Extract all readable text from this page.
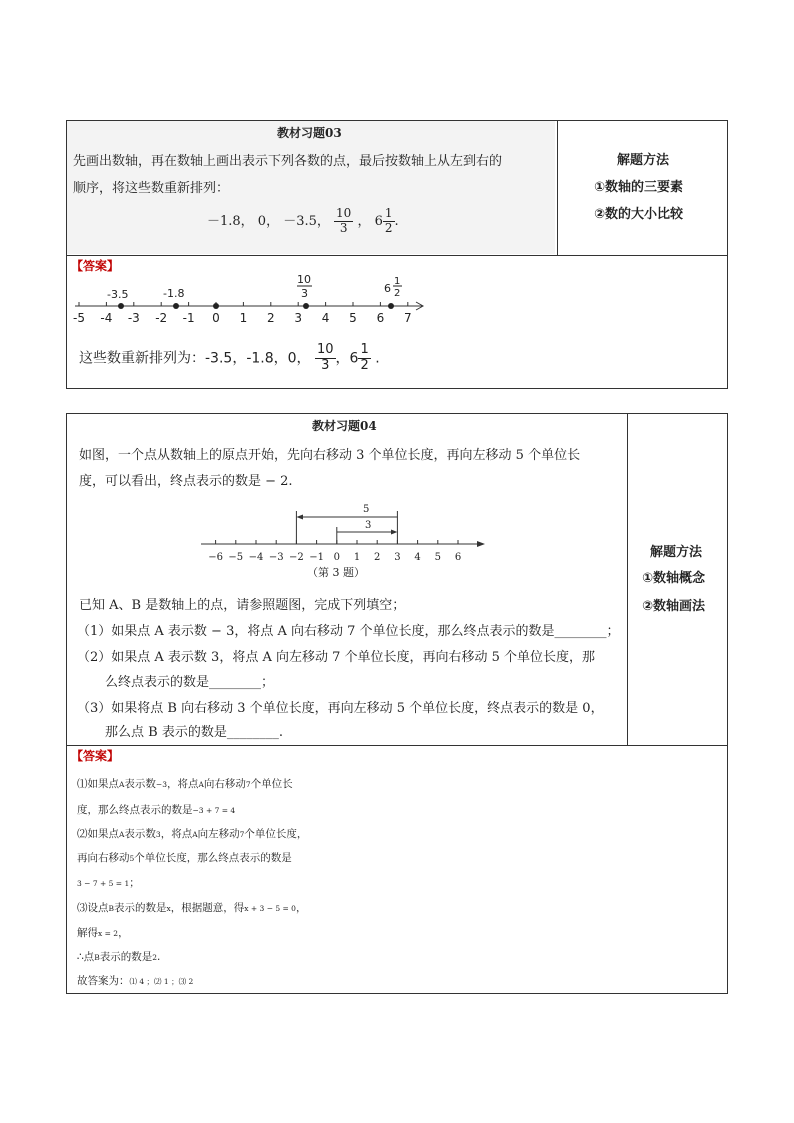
教材习题03
先画出数轴，再在数轴上画出表示下列各数的点，最后按数轴上从左到右的
顺序，将这些数重新排列：
－1.8， 0， －3.5， $\frac{10}{3}$ ， $6 \frac{1}{2}$ .
解题方法
①数轴的三要素
②数的大小比较
【答案】
-5 -4 -3 -2 -1 0 1 2 3 4 5 6 7
-3.5	-1.8
10
3	6
1
2
这些数重新排列为：-3.5，-1.8，0， $\frac{10}{3}$ ，$6 \frac{1}{2}$ .
教材习题04
如图，一个点从数轴上的原点开始，先向右移动 3 个单位长度，再向左移动 5 个单位长
度，可以看出，终点表示的数是 − 2.
−6 −5 −4 −3 −2 −1 0 1 2 3 4 5 6
5
3
（第 3 题）
已知 A、B 是数轴上的点，请参照题图，完成下列填空；
（1）如果点 A 表示数 − 3，将点 A 向右移动 7 个单位长度，那么终点表示的数是________；
（2）如果点 A 表示数 3，将点 A 向左移动 7 个单位长度，再向右移动 5 个单位长度，那
么终点表示的数是________；
（3）如果将点 B 向右移动 3 个单位长度，再向左移动 5 个单位长度，终点表示的数是 0，
那么点 B 表示的数是________.
解题方法
①数轴概念
②数轴画法
【答案】
⑴如果点A表示数−3，将点A向右移动7个单位长
度，那么终点表示的数是−3 + 7 = 4
⑵如果点A表示数3，将点A向左移动7个单位长度，
再向右移动5个单位长度，那么终点表示的数是
3 − 7 + 5 = 1；
⑶设点B表示的数是x，根据题意，得x + 3 − 5 = 0，
解得x = 2，
∴点B表示的数是2.
故答案为：⑴ 4 ；⑵ 1 ；⑶ 2
